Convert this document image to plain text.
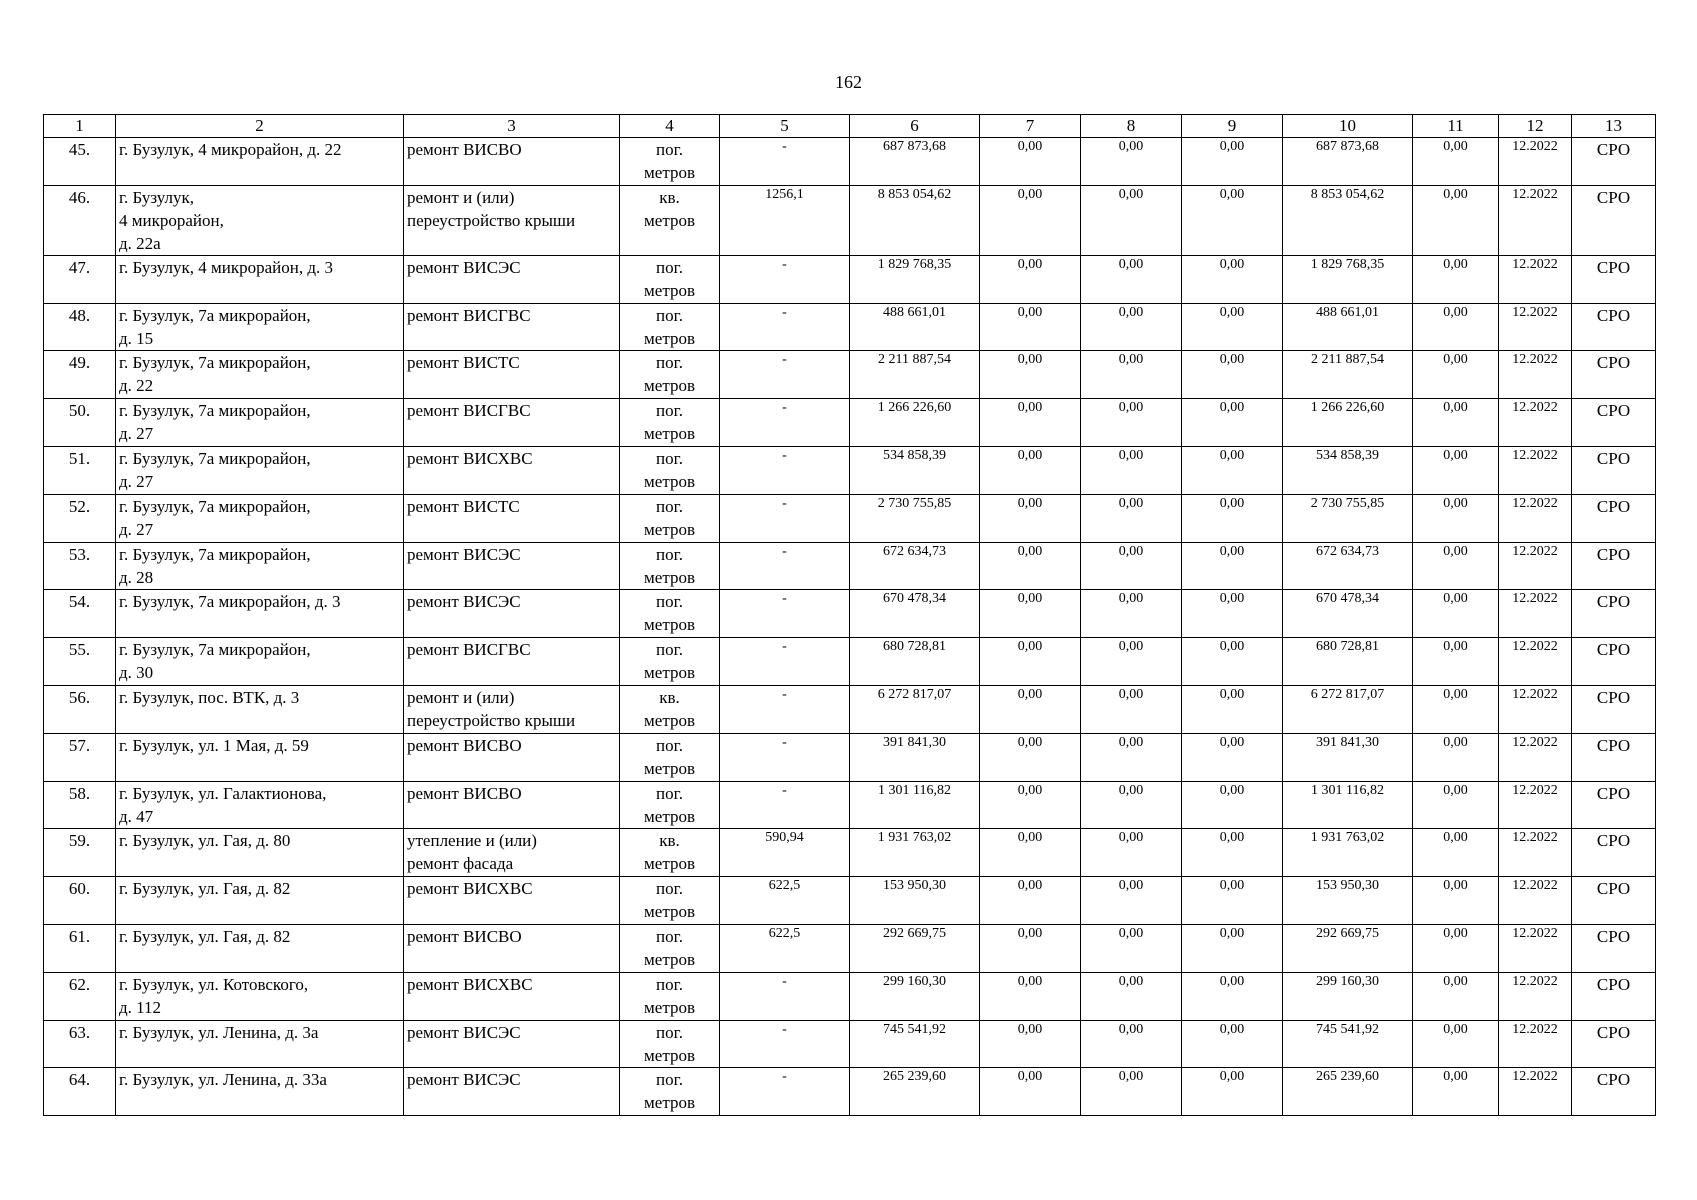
162
1	2	3	4	5	6	7	8	9	10	11	12	13
45.	г. Бузулук, 4 микрорайон, д. 22	ремонт ВИСВО	пог.
метров	-	687 873,68	0,00	0,00	0,00	687 873,68	0,00	12.2022	СРО
46.	г. Бузулук,
4 микрорайон,
д. 22а	ремонт и (или)
переустройство крыши	кв.
метров	1256,1	8 853 054,62	0,00	0,00	0,00	8 853 054,62	0,00	12.2022	СРО
47.	г. Бузулук, 4 микрорайон, д. 3	ремонт ВИСЭС	пог.
метров	-	1 829 768,35	0,00	0,00	0,00	1 829 768,35	0,00	12.2022	СРО
48.	г. Бузулук, 7а микрорайон,
д. 15	ремонт ВИСГВС	пог.
метров	-	488 661,01	0,00	0,00	0,00	488 661,01	0,00	12.2022	СРО
49.	г. Бузулук, 7а микрорайон,
д. 22	ремонт ВИСТС	пог.
метров	-	2 211 887,54	0,00	0,00	0,00	2 211 887,54	0,00	12.2022	СРО
50.	г. Бузулук, 7а микрорайон,
д. 27	ремонт ВИСГВС	пог.
метров	-	1 266 226,60	0,00	0,00	0,00	1 266 226,60	0,00	12.2022	СРО
51.	г. Бузулук, 7а микрорайон,
д. 27	ремонт ВИСХВС	пог.
метров	-	534 858,39	0,00	0,00	0,00	534 858,39	0,00	12.2022	СРО
52.	г. Бузулук, 7а микрорайон,
д. 27	ремонт ВИСТС	пог.
метров	-	2 730 755,85	0,00	0,00	0,00	2 730 755,85	0,00	12.2022	СРО
53.	г. Бузулук, 7а микрорайон,
д. 28	ремонт ВИСЭС	пог.
метров	-	672 634,73	0,00	0,00	0,00	672 634,73	0,00	12.2022	СРО
54.	г. Бузулук, 7а микрорайон, д. 3	ремонт ВИСЭС	пог.
метров	-	670 478,34	0,00	0,00	0,00	670 478,34	0,00	12.2022	СРО
55.	г. Бузулук, 7а микрорайон,
д. 30	ремонт ВИСГВС	пог.
метров	-	680 728,81	0,00	0,00	0,00	680 728,81	0,00	12.2022	СРО
56.	г. Бузулук, пос. ВТК, д. 3	ремонт и (или)
переустройство крыши	кв.
метров	-	6 272 817,07	0,00	0,00	0,00	6 272 817,07	0,00	12.2022	СРО
57.	г. Бузулук, ул. 1 Мая, д. 59	ремонт ВИСВО	пог.
метров	-	391 841,30	0,00	0,00	0,00	391 841,30	0,00	12.2022	СРО
58.	г. Бузулук, ул. Галактионова,
д. 47	ремонт ВИСВО	пог.
метров	-	1 301 116,82	0,00	0,00	0,00	1 301 116,82	0,00	12.2022	СРО
59.	г. Бузулук, ул. Гая, д. 80	утепление и (или)
ремонт фасада	кв.
метров	590,94	1 931 763,02	0,00	0,00	0,00	1 931 763,02	0,00	12.2022	СРО
60.	г. Бузулук, ул. Гая, д. 82	ремонт ВИСХВС	пог.
метров	622,5	153 950,30	0,00	0,00	0,00	153 950,30	0,00	12.2022	СРО
61.	г. Бузулук, ул. Гая, д. 82	ремонт ВИСВО	пог.
метров	622,5	292 669,75	0,00	0,00	0,00	292 669,75	0,00	12.2022	СРО
62.	г. Бузулук, ул. Котовского,
д. 112	ремонт ВИСХВС	пог.
метров	-	299 160,30	0,00	0,00	0,00	299 160,30	0,00	12.2022	СРО
63.	г. Бузулук, ул. Ленина, д. 3а	ремонт ВИСЭС	пог.
метров	-	745 541,92	0,00	0,00	0,00	745 541,92	0,00	12.2022	СРО
64.	г. Бузулук, ул. Ленина, д. 33а	ремонт ВИСЭС	пог.
метров	-	265 239,60	0,00	0,00	0,00	265 239,60	0,00	12.2022	СРО
